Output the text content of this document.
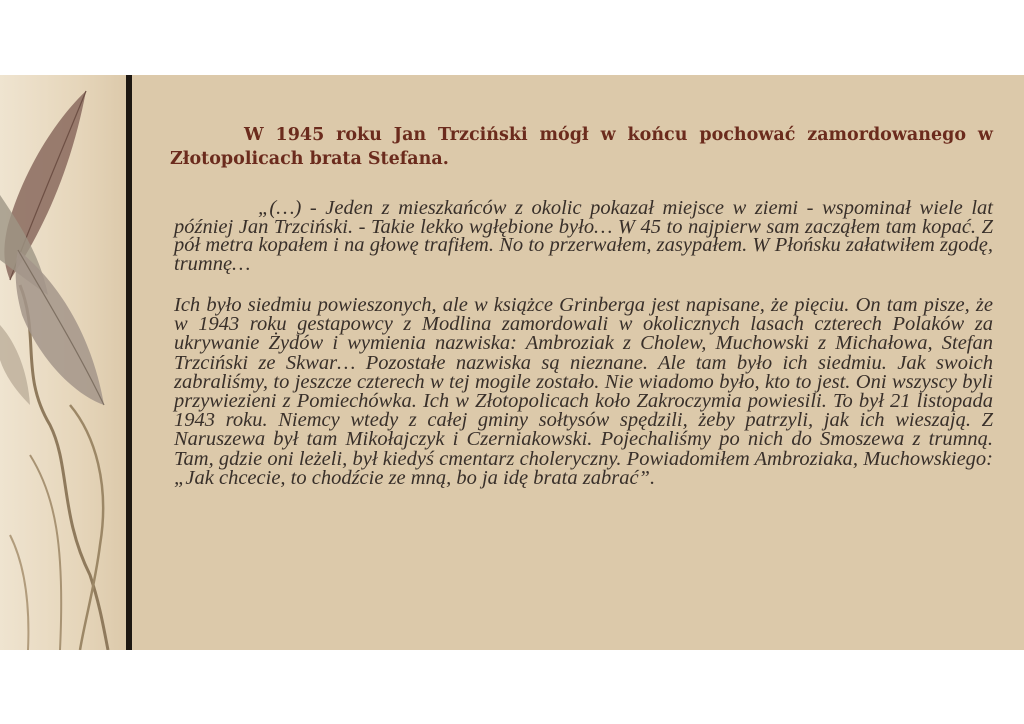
W 1945 roku Jan Trzciński mógł w końcu pochować zamordowanego w Złotopolicach brata Stefana.

„(…) - Jeden z mieszkańców z okolic pokazał miejsce w ziemi - wspominał wiele lat później Jan Trzciński. - Takie lekko wgłębione było… W 45 to najpierw sam zacząłem tam kopać. Z pół metra kopałem i na głowę trafiłem. No to przerwałem, zasypałem. W Płońsku załatwiłem zgodę, trumnę…

Ich było siedmiu powieszonych, ale w książce Grinberga jest napisane, że pięciu. On tam pisze, że w 1943 roku gestapowcy z Modlina zamordowali w okolicznych lasach czterech Polaków za ukrywanie Żydów i wymienia nazwiska: Ambroziak z Cholew, Muchowski z Michałowa, Stefan Trzciński ze Skwar… Pozostałe nazwiska są nieznane. Ale tam było ich siedmiu. Jak swoich zabraliśmy, to jeszcze czterech w tej mogile zostało. Nie wiadomo było, kto to jest. Oni wszyscy byli przywiezieni z Pomiechówka. Ich w Złotopolicach koło Zakroczymia powiesili. To był 21 listopada 1943 roku. Niemcy wtedy z całej gminy sołtysów spędzili, żeby patrzyli, jak ich wieszają. Z Naruszewa był tam Mikołajczyk i Czerniakowski. Pojechaliśmy po nich do Smoszewa z trumną. Tam, gdzie oni leżeli, był kiedyś cmentarz choleryczny. Powiadomiłem Ambroziaka, Muchowskiego: „Jak chcecie, to chodźcie ze mną, bo ja idę brata zabrać”.
